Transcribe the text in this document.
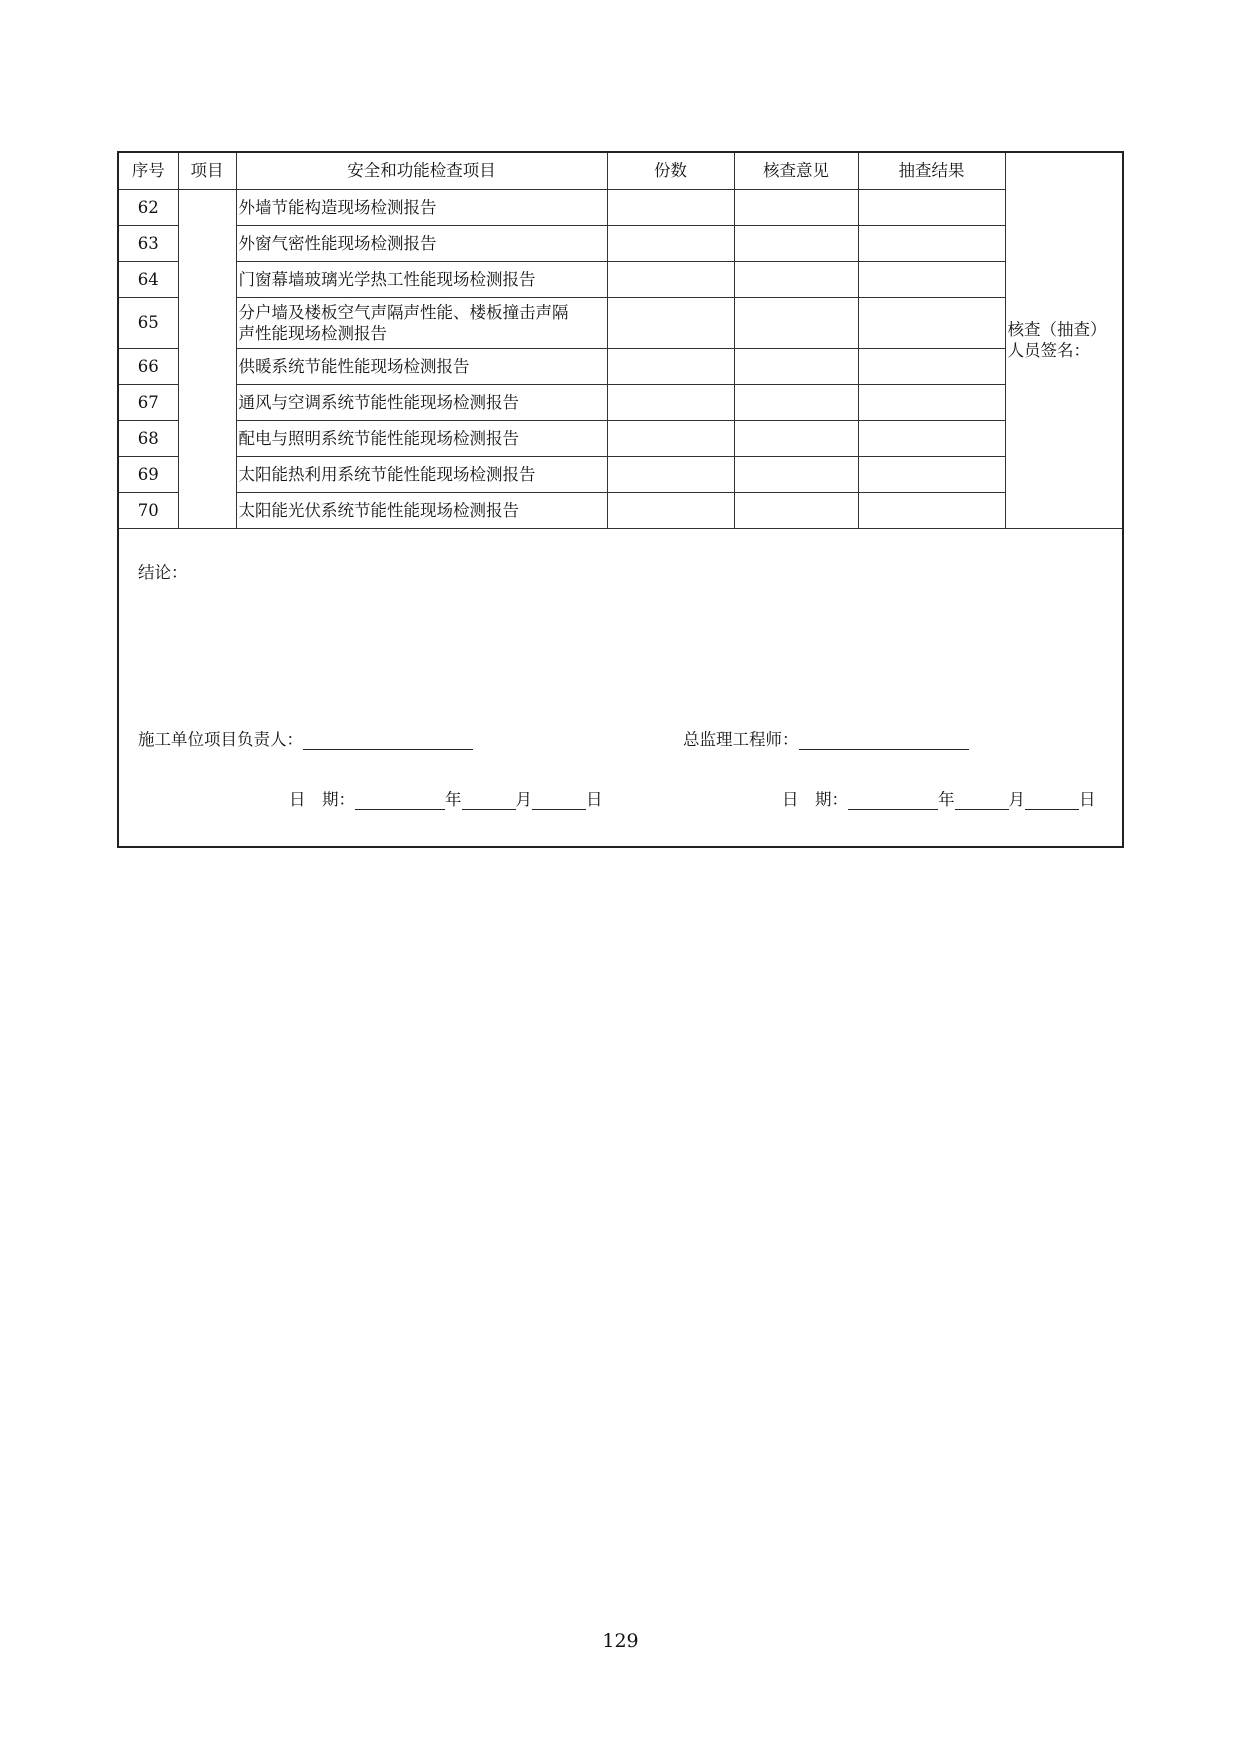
序号	项目	安全和功能检查项目	份数	核查意见	抽查结果	核查（抽查）
人员签名：

62		外墙节能构造现场检测报告				
63		外窗气密性能现场检测报告				
64		门窗幕墙玻璃光学热工性能现场检测报告				
65		分户墙及楼板空气声隔声性能、楼板撞击声隔
声性能现场检测报告				

66		供暖系统节能性能现场检测报告				
67		通风与空调系统节能性能现场检测报告				
68		配电与照明系统节能性能现场检测报告				
69		太阳能热利用系统节能性能现场检测报告				
70		太阳能光伏系统节能性能现场检测报告				
结论：
施工单位项目负责人：	总监理工程师：
日　期：	年	月	日	日　期：	年	月	日
129
